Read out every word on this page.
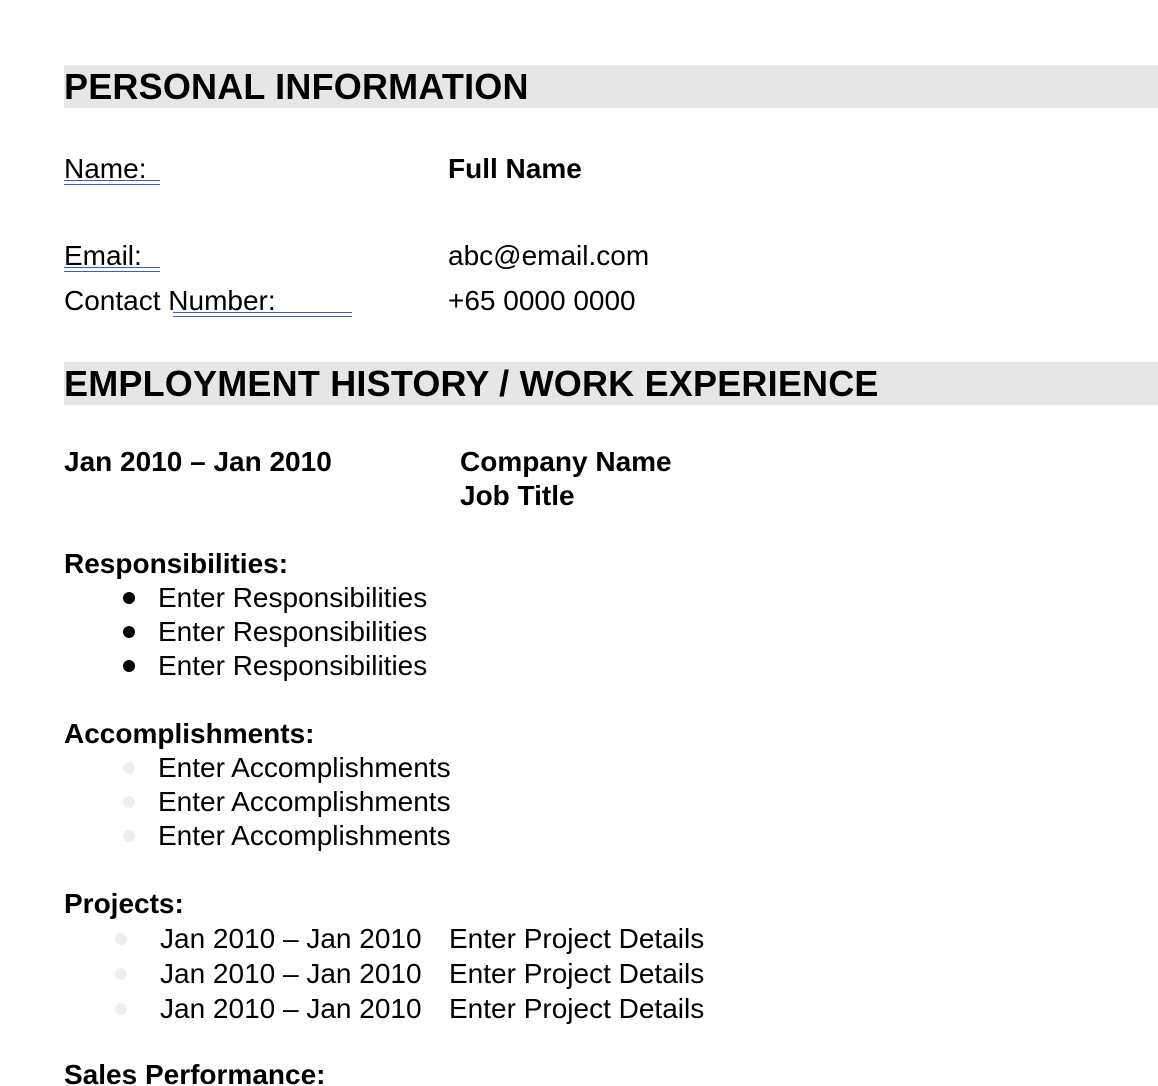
PERSONAL INFORMATION
Name:	Full Name
Email:	abc@email.com
Contact Number:	+65 0000 0000
EMPLOYMENT HISTORY / WORK EXPERIENCE
Jan 2010 – Jan 2010	Company Name
Job Title
Responsibilities:
Enter Responsibilities
Enter Responsibilities
Enter Responsibilities
Accomplishments:
Enter Accomplishments
Enter Accomplishments
Enter Accomplishments
Projects:
Jan 2010 – Jan 2010 Enter Project Details
Jan 2010 – Jan 2010 Enter Project Details
Jan 2010 – Jan 2010 Enter Project Details
Sales Performance:
